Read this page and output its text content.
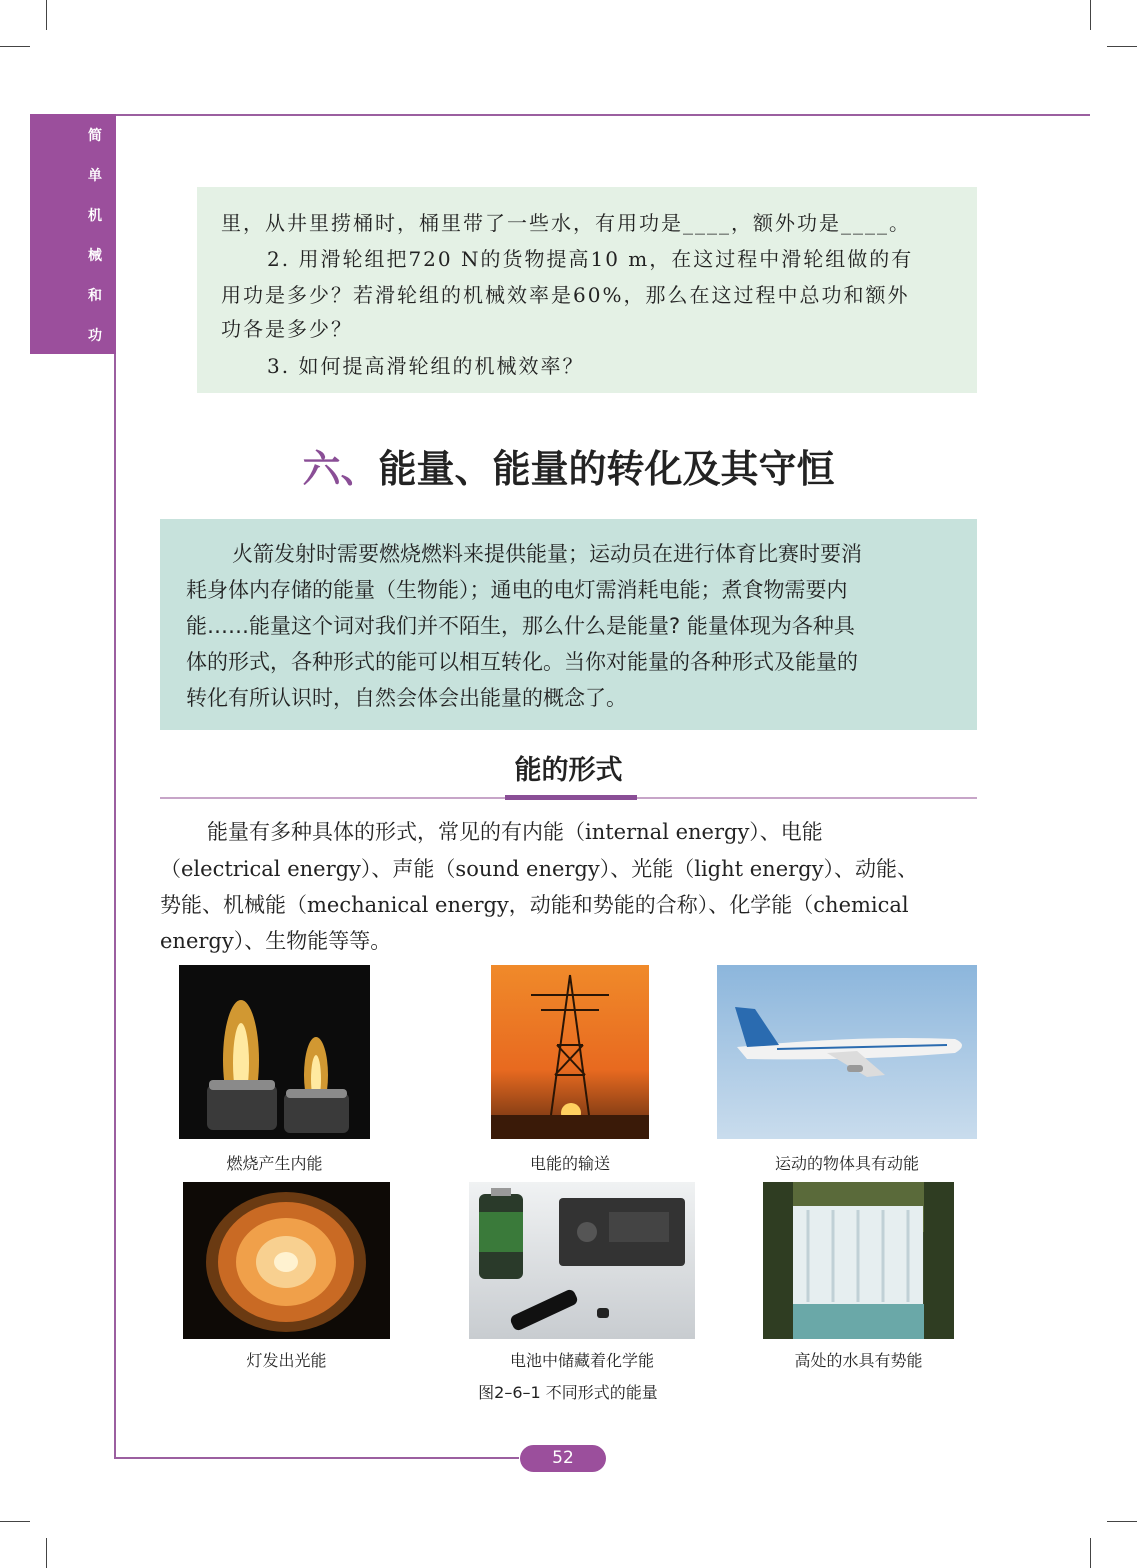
简
单
机
械
和
功

里，从井里捞桶时，桶里带了一些水，有用功是____，额外功是____。

2. 用滑轮组把720 N的货物提高10 m，在这过程中滑轮组做的有

用功是多少？若滑轮组的机械效率是60%，那么在这过程中总功和额外

功各是多少？

3. 如何提高滑轮组的机械效率？

六、能量、能量的转化及其守恒

火箭发射时需要燃烧燃料来提供能量；运动员在进行体育比赛时要消

耗身体内存储的能量（生物能）；通电的电灯需消耗电能；煮食物需要内

能……能量这个词对我们并不陌生，那么什么是能量? 能量体现为各种具

体的形式，各种形式的能可以相互转化。当你对能量的各种形式及能量的

转化有所认识时，自然会体会出能量的概念了。

能的形式

能量有多种具体的形式，常见的有内能（internal energy）、电能

（electrical energy）、声能（sound energy）、光能（light energy）、动能、

势能、机械能（mechanical energy，动能和势能的合称）、化学能（chemical

energy）、生物能等等。

燃烧产生内能	电能的输送	运动的物体具有动能
灯发出光能	电池中储藏着化学能	高处的水具有势能
图2–6–1 不同形式的能量
52
